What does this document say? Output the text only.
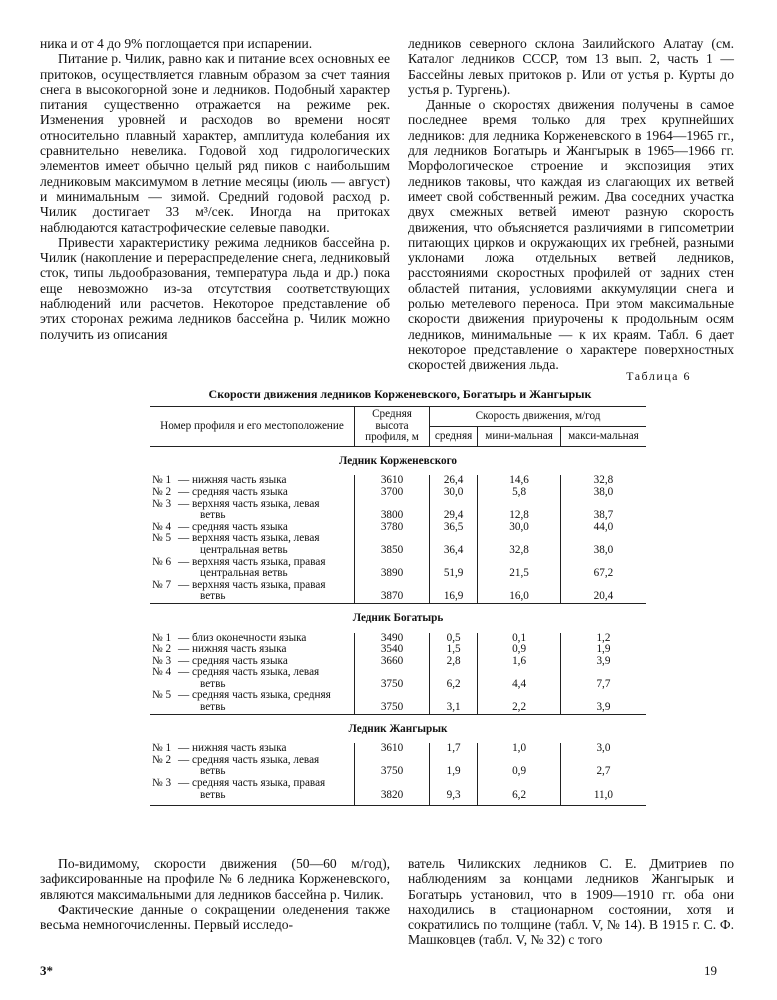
ника и от 4 до 9% поглощается при испарении.

Питание р. Чилик, равно как и питание всех основных ее притоков, осуществляется главным образом за счет таяния снега в высокогорной зоне и ледников. Подобный характер питания существенно отражается на режиме рек. Изменения уровней и расходов во времени носят относительно плавный характер, амплитуда колебания их сравнительно невелика. Годовой ход гидрологических элементов имеет обычно целый ряд пиков с наибольшим ледниковым максимумом в летние месяцы (июль — август) и минимальным — зимой. Средний годовой расход р. Чилик достигает 33 м³/сек. Иногда на притоках наблюдаются катастрофические селевые паводки.

Привести характеристику режима ледников бассейна р. Чилик (накопление и перераспределение снега, ледниковый сток, типы льдообразования, температура льда и др.) пока еще невозможно из-за отсутствия соответствующих наблюдений или расчетов. Некоторое представление об этих сторонах режима ледников бассейна р. Чилик можно получить из описания

ледников северного склона Заилийского Алатау (см. Каталог ледников СССР, том 13 вып. 2, часть 1 — Бассейны левых притоков р. Или от устья р. Курты до устья р. Тургень).

Данные о скоростях движения получены в самое последнее время только для трех крупнейших ледников: для ледника Корженевского в 1964—1965 гг., для ледников Богатырь и Жангырык в 1965—1966 гг. Морфологическое строение и экспозиция этих ледников таковы, что каждая из слагающих их ветвей имеет свой собственный режим. Два соседних участка двух смежных ветвей имеют разную скорость движения, что объясняется различиями в гипсометрии питающих цирков и окружающих их гребней, разными уклонами ложа отдельных ветвей ледников, расстояниями скоростных профилей от задних стен областей питания, условиями аккумуляции снега и ролью метелевого переноса. При этом максимальные скорости движения приурочены к продольным осям ледников, минимальные — к их краям. Табл. 6 дает некоторое представление о характере поверхностных скоростей движения льда.

Таблица 6
Скорости движения ледников Корженевского, Богатырь и Жангырык
Номер профиля и его местоположение	Средняя высота профиля, м	Скорость движения, м/год		
		средняя	мини-мальная	макси-мальная
Ледник Корженевского				
№ 1 — нижняя часть языка	3610	26,4	14,6	32,8
№ 2 — средняя часть языка	3700	30,0	5,8	38,0
№ 3 — верхняя часть языка, левая
ветвь	3800	29,4	12,8	38,7
№ 4 — средняя часть языка	3780	36,5	30,0	44,0
№ 5 — верхняя часть языка, левая
центральная ветвь	3850	36,4	32,8	38,0
№ 6 — верхняя часть языка, правая
центральная ветвь	3890	51,9	21,5	67,2
№ 7 — верхняя часть языка, правая
ветвь	3870	16,9	16,0	20,4
Ледник Богатырь				
№ 1 — близ оконечности языка	3490	0,5	0,1	1,2
№ 2 — нижняя часть языка	3540	1,5	0,9	1,9
№ 3 — средняя часть языка	3660	2,8	1,6	3,9
№ 4 — средняя часть языка, левая
ветвь	3750	6,2	4,4	7,7
№ 5 — средняя часть языка, средняя
ветвь	3750	3,1	2,2	3,9
Ледник Жангырык				
№ 1 — нижняя часть языка	3610	1,7	1,0	3,0
№ 2 — средняя часть языка, левая
ветвь	3750	1,9	0,9	2,7
№ 3 — средняя часть языка, правая
ветвь	3820	9,3	6,2	11,0

По-видимому, скорости движения (50—60 м/год), зафиксированные на профиле № 6 ледника Корженевского, являются максимальными для ледников бассейна р. Чилик.

Фактические данные о сокращении оледенения также весьма немногочисленны. Первый исследо-

ватель Чиликских ледников С. Е. Дмитриев по наблюдениям за концами ледников Жангырык и Богатырь установил, что в 1909—1910 гг. оба они находились в стационарном состоянии, хотя и сократились по толщине (табл. V, № 14). В 1915 г. С. Ф. Машковцев (табл. V, № 32) с того

3*	19
